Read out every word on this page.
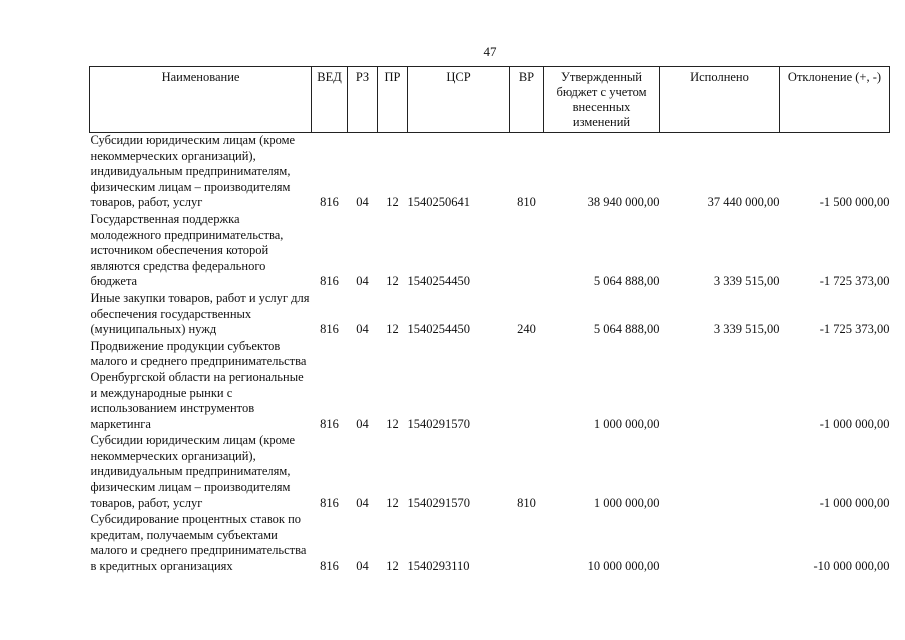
47
Наименование	ВЕД	РЗ	ПР	ЦСР	ВР	Утвержденный бюджет с учетом внесенных изменений	Исполнено	Отклонение (+, -)
Субсидии юридическим лицам (кроме некоммерческих организаций), индивидуальным предпринимателям, физическим лицам – производителям товаров, работ, услуг	816	04	12	1540250641	810	38 940 000,00	37 440 000,00	-1 500 000,00
Государственная поддержка молодежного предпринимательства, источником обеспечения которой являются средства федерального бюджета	816	04	12	1540254450		5 064 888,00	3 339 515,00	-1 725 373,00
Иные закупки товаров, работ и услуг для обеспечения государственных (муниципальных) нужд	816	04	12	1540254450	240	5 064 888,00	3 339 515,00	-1 725 373,00
Продвижение продукции субъектов малого и среднего предпринимательства Оренбургской области на региональные и международные рынки с использованием инструментов маркетинга	816	04	12	1540291570		1 000 000,00		-1 000 000,00
Субсидии юридическим лицам (кроме некоммерческих организаций), индивидуальным предпринимателям, физическим лицам – производителям товаров, работ, услуг	816	04	12	1540291570	810	1 000 000,00		-1 000 000,00
Субсидирование процентных ставок по кредитам, получаемым субъектами малого и среднего предпринимательства в кредитных организациях	816	04	12	1540293110		10 000 000,00		-10 000 000,00
